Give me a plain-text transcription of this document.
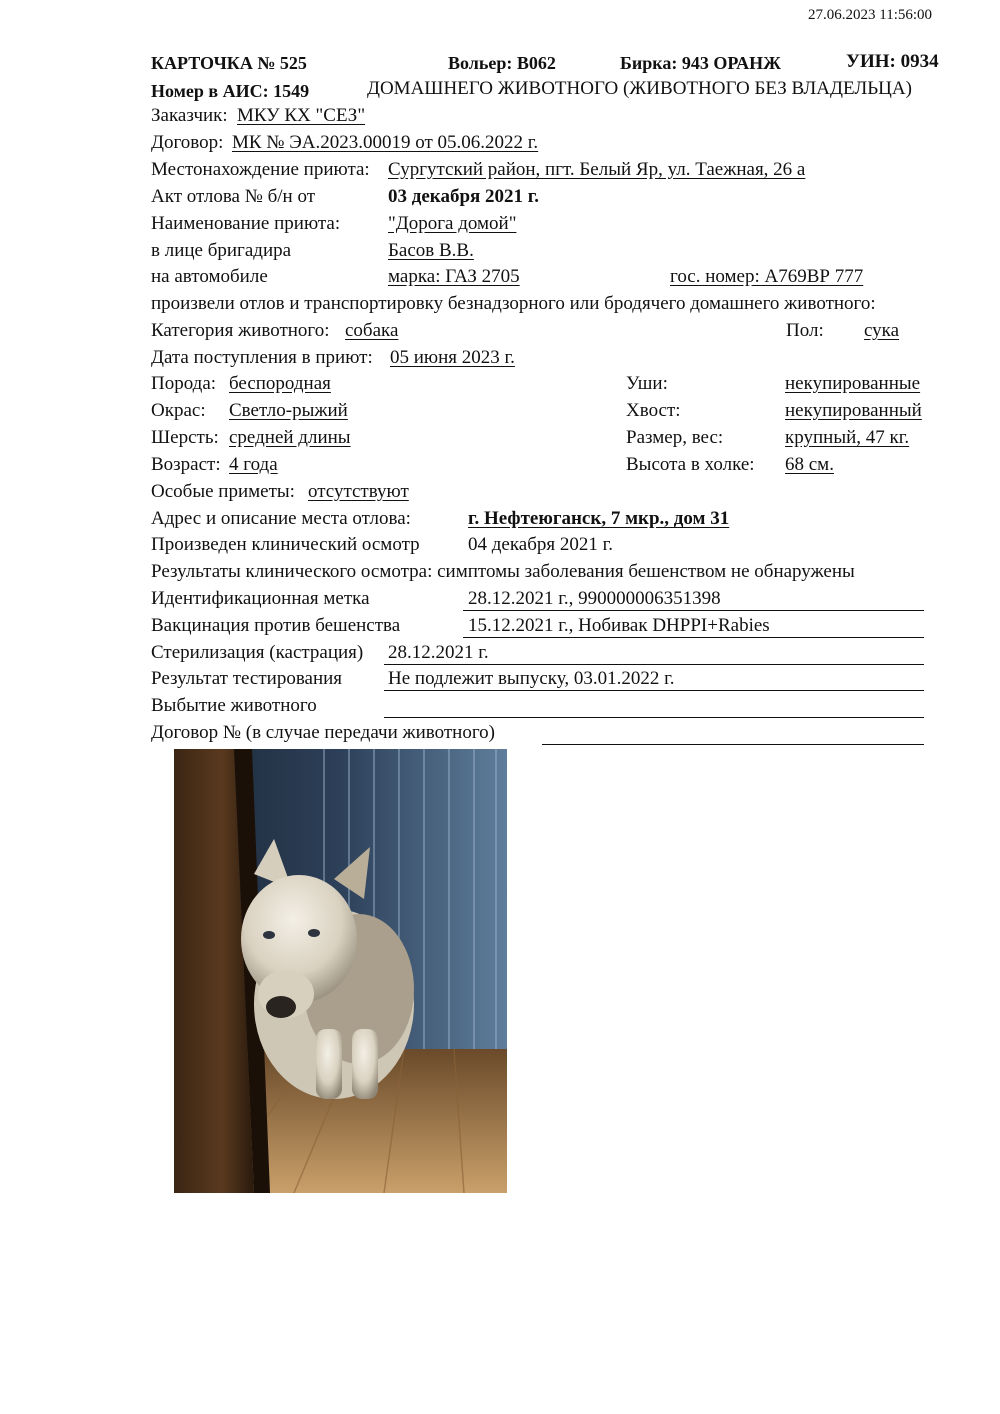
27.06.2023 11:56:00
КАРТОЧКА № 525	Вольер: В062	Бирка: 943 ОРАНЖ	УИН: 0934
Номер в АИС: 1549	ДОМАШНЕГО ЖИВОТНОГО (ЖИВОТНОГО БЕЗ ВЛАДЕЛЬЦА)
Заказчик: МКУ КХ "СЕЗ"
Договор: МК № ЭА.2023.00019 от 05.06.2022 г.
Местонахождение приюта: Сургутский район, пгт. Белый Яр, ул. Таежная, 26 а
Акт отлова № б/н от	03 декабря 2021 г.
Наименование приюта:	"Дорога домой"
в лице бригадира	Басов В.В.
на автомобиле	марка: ГАЗ 2705	гос. номер: А769ВР 777
произвели отлов и транспортировку безнадзорного или бродячего домашнего животного:
Категория животного: собака	Пол: сука
Дата поступления в приют: 05 июня 2023 г.
Порода: беспородная	Уши:	некупированные
Окрас: Светло-рыжий	Хвост:	некупированный
Шерсть: средней длины	Размер, вес:	крупный, 47 кг.
Возраст: 4 года	Высота в холке: 68 см.
Особые приметы: отсутствуют
Адрес и описание места отлова:	г. Нефтеюганск, 7 мкр., дом 31
Произведен клинический осмотр	04 декабря 2021 г.
Результаты клинического осмотра: симптомы заболевания бешенством не обнаружены
Идентификационная метка	28.12.2021 г., 990000006351398
Вакцинация против бешенства	15.12.2021 г., Нобивак DHPPI+Rabies
Стерилизация (кастрация) 28.12.2021 г.
Результат тестирования Не подлежит выпуску, 03.01.2022 г.
Выбытие животного
Договор № (в случае передачи животного)
